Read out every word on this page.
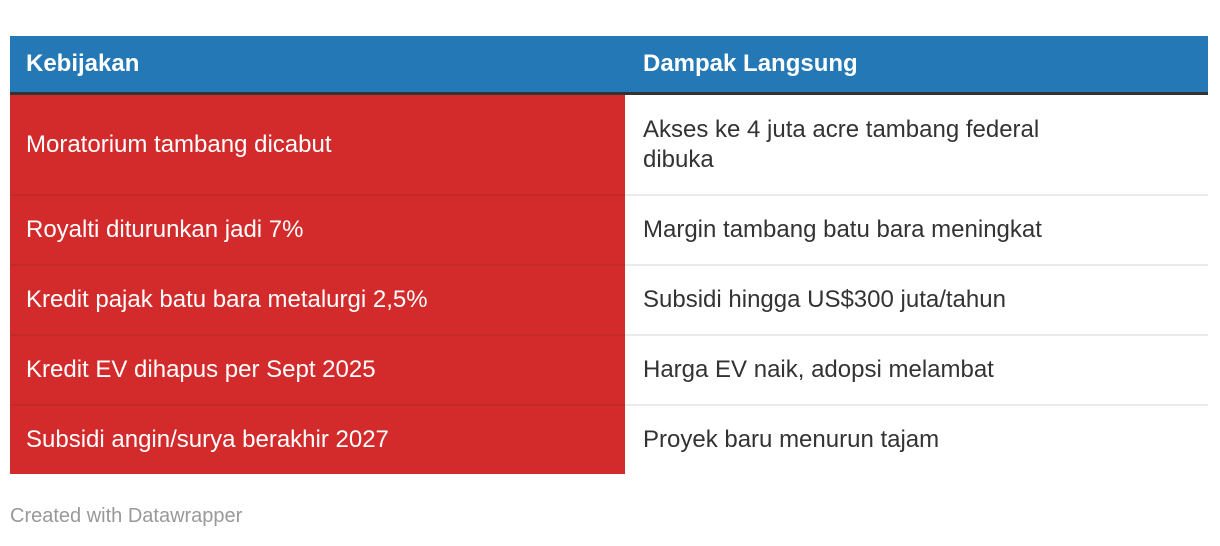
Kebijakan	Dampak Langsung
Moratorium tambang dicabut	Akses ke 4 juta acre tambang federal dibuka
Royalti diturunkan jadi 7%	Margin tambang batu bara meningkat
Kredit pajak batu bara metalurgi 2,5%	Subsidi hingga US$300 juta/tahun
Kredit EV dihapus per Sept 2025	Harga EV naik, adopsi melambat
Subsidi angin/surya berakhir 2027	Proyek baru menurun tajam
Created with Datawrapper
